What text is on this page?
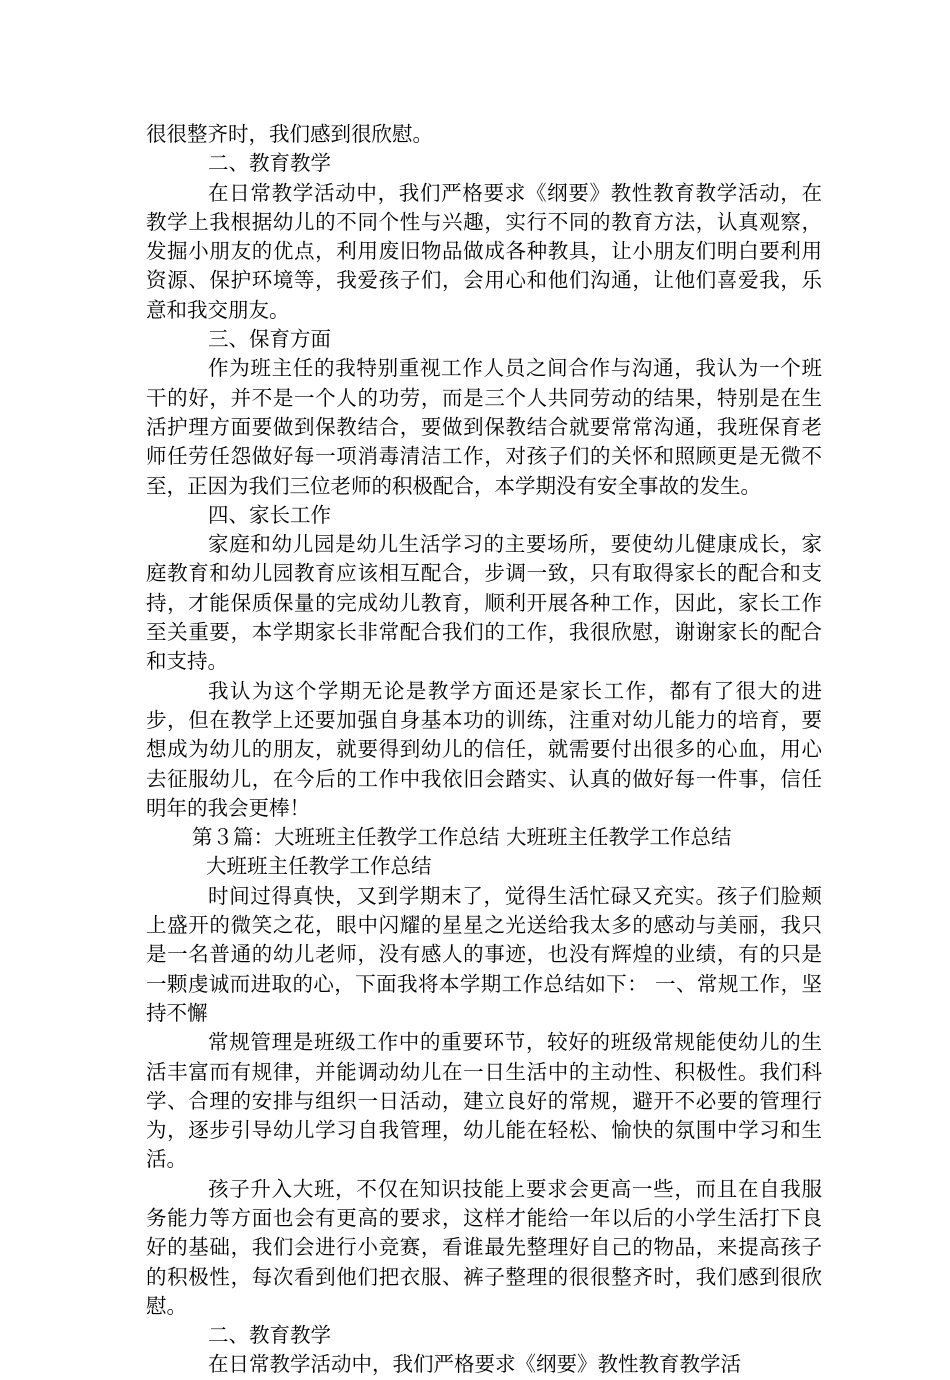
很很整齐时，我们感到很欣慰。

二、教育教学

在日常教学活动中，我们严格要求《纲要》教性教育教学活动，在教学上我根据幼儿的不同个性与兴趣，实行不同的教育方法，认真观察，发掘小朋友的优点，利用废旧物品做成各种教具，让小朋友们明白要利用资源、保护环境等，我爱孩子们，会用心和他们沟通，让他们喜爱我，乐意和我交朋友。

三、保育方面

作为班主任的我特别重视工作人员之间合作与沟通，我认为一个班干的好，并不是一个人的功劳，而是三个人共同劳动的结果，特别是在生活护理方面要做到保教结合，要做到保教结合就要常常沟通，我班保育老师任劳任怨做好每一项消毒清洁工作，对孩子们的关怀和照顾更是无微不至，正因为我们三位老师的积极配合，本学期没有安全事故的发生。

四、家长工作

家庭和幼儿园是幼儿生活学习的主要场所，要使幼儿健康成长，家庭教育和幼儿园教育应该相互配合，步调一致，只有取得家长的配合和支持，才能保质保量的完成幼儿教育，顺利开展各种工作，因此，家长工作至关重要，本学期家长非常配合我们的工作，我很欣慰，谢谢家长的配合和支持。

我认为这个学期无论是教学方面还是家长工作，都有了很大的进步，但在教学上还要加强自身基本功的训练，注重对幼儿能力的培育，要想成为幼儿的朋友，就要得到幼儿的信任，就需要付出很多的心血，用心去征服幼儿，在今后的工作中我依旧会踏实、认真的做好每一件事，信任明年的我会更棒！

第３篇：大班班主任教学工作总结 大班班主任教学工作总结

大班班主任教学工作总结

时间过得真快，又到学期末了，觉得生活忙碌又充实。孩子们脸颊上盛开的微笑之花，眼中闪耀的星星之光送给我太多的感动与美丽，我只是一名普通的幼儿老师，没有感人的事迹，也没有辉煌的业绩，有的只是一颗虔诚而进取的心，下面我将本学期工作总结如下： 一、常规工作，坚持不懈

常规管理是班级工作中的重要环节，较好的班级常规能使幼儿的生活丰富而有规律，并能调动幼儿在一日生活中的主动性、积极性。我们科学、合理的安排与组织一日活动，建立良好的常规，避开不必要的管理行为，逐步引导幼儿学习自我管理，幼儿能在轻松、愉快的氛围中学习和生活。

孩子升入大班，不仅在知识技能上要求会更高一些，而且在自我服务能力等方面也会有更高的要求，这样才能给一年以后的小学生活打下良好的基础，我们会进行小竞赛，看谁最先整理好自己的物品，来提高孩子的积极性，每次看到他们把衣服、裤子整理的很很整齐时，我们感到很欣慰。

二、教育教学

在日常教学活动中，我们严格要求《纲要》教性教育教学活
